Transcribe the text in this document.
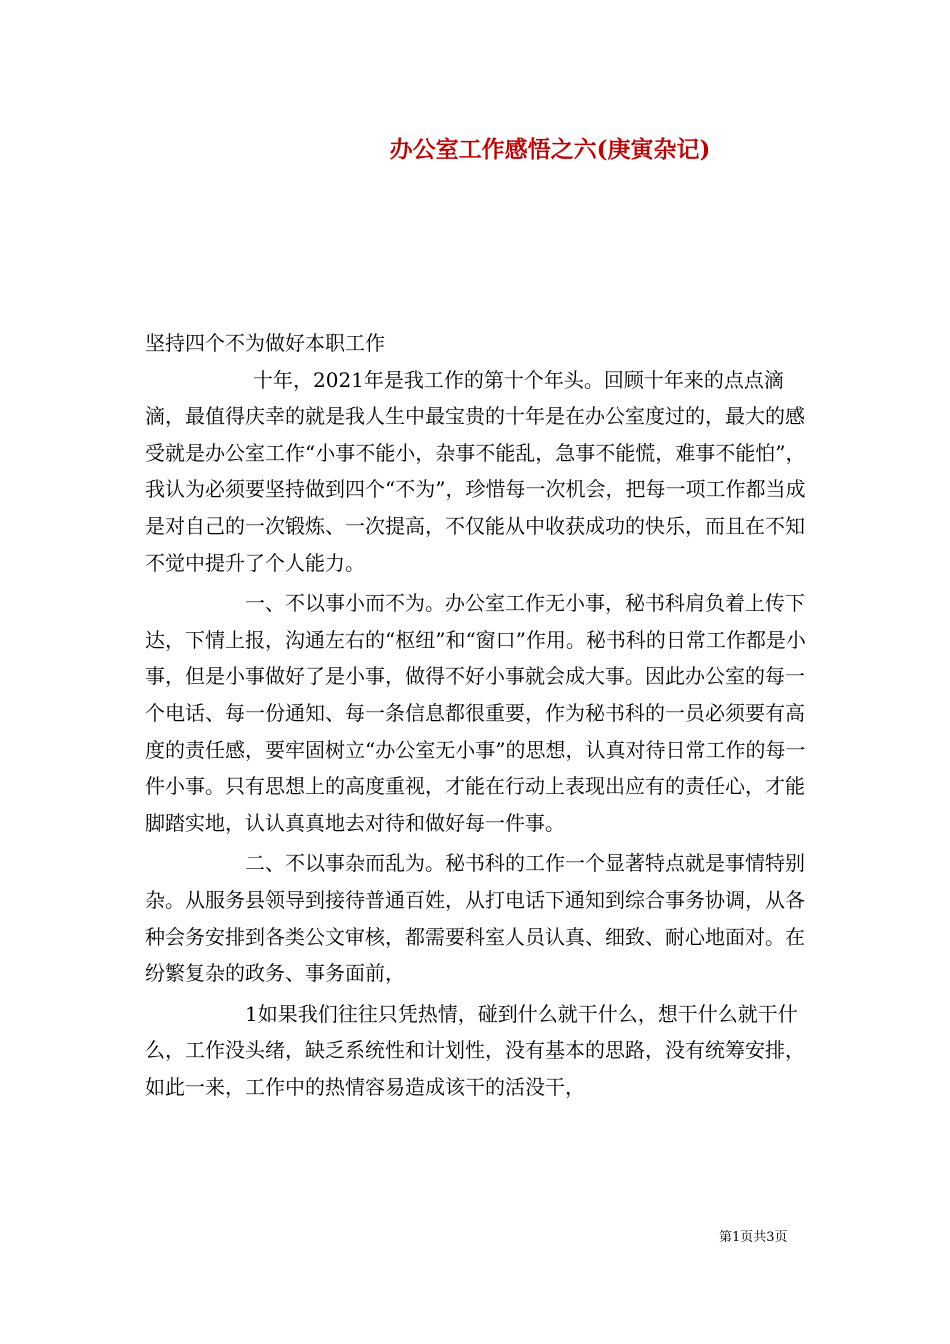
办公室工作感悟之六(庚寅杂记)

坚持四个不为做好本职工作

十年，2021年是我工作的第十个年头。回顾十年来的点点滴滴，最值得庆幸的就是我人生中最宝贵的十年是在办公室度过的，最大的感受就是办公室工作“小事不能小，杂事不能乱，急事不能慌，难事不能怕”，我认为必须要坚持做到四个“不为”，珍惜每一次机会，把每一项工作都当成是对自己的一次锻炼、一次提高，不仅能从中收获成功的快乐，而且在不知不觉中提升了个人能力。

一、不以事小而不为。办公室工作无小事，秘书科肩负着上传下达，下情上报，沟通左右的“枢纽”和“窗口”作用。秘书科的日常工作都是小事，但是小事做好了是小事，做得不好小事就会成大事。因此办公室的每一个电话、每一份通知、每一条信息都很重要，作为秘书科的一员必须要有高度的责任感，要牢固树立“办公室无小事”的思想，认真对待日常工作的每一件小事。只有思想上的高度重视，才能在行动上表现出应有的责任心，才能脚踏实地，认认真真地去对待和做好每一件事。

二、不以事杂而乱为。秘书科的工作一个显著特点就是事情特别杂。从服务县领导到接待普通百姓，从打电话下通知到综合事务协调，从各种会务安排到各类公文审核，都需要科室人员认真、细致、耐心地面对。在纷繁复杂的政务、事务面前，

1如果我们往往只凭热情，碰到什么就干什么，想干什么就干什么，工作没头绪，缺乏系统性和计划性，没有基本的思路，没有统筹安排，如此一来，工作中的热情容易造成该干的活没干，

第1页共3页
